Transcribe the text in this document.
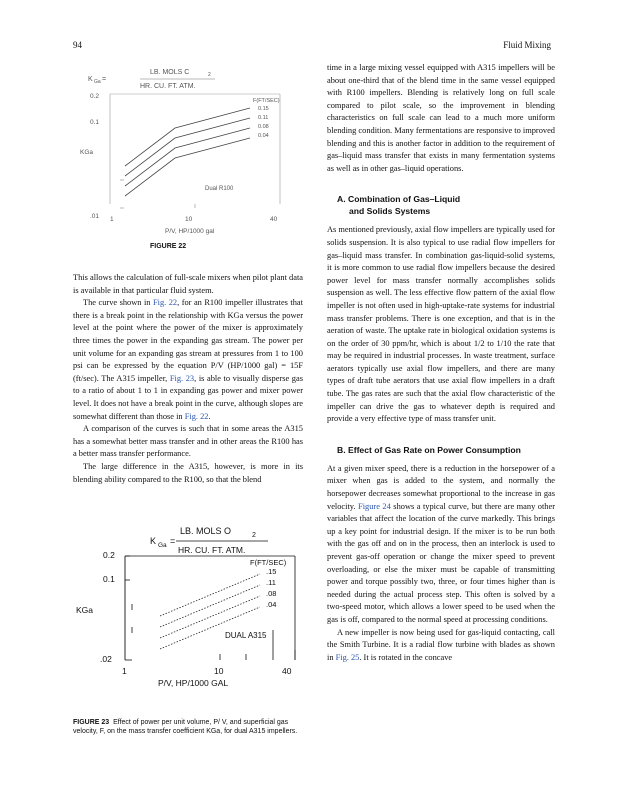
94	Fluid Mixing
K Ga =
LB. MOLS C	2
HR. CU. FT. ATM.
0.2
0.1
.01
KGa
F(FT/SEC)
0.15
0.11
0.08
0.04
Dual R100
1	10	40
P/V, HP/1000 gal
FIGURE 22

This allows the calculation of full-scale mixers when pilot plant data is available in that particular fluid system.

The curve shown in Fig. 22, for an R100 impeller illustrates that there is a break point in the relationship with KGa versus the power level at the point where the power of the mixer is approximately three times the power in the expanding gas stream. The power per unit volume for an expanding gas stream at pressures from 1 to 100 psi can be expressed by the equation P/V (HP/1000 gal) = 15F (ft/sec). The A315 impeller, Fig. 23, is able to visually disperse gas to a ratio of about 1 to 1 in expanding gas power and mixer power level. It does not have a break point in the curve, although slopes are somewhat different than those in Fig. 22.

A comparison of the curves is such that in some areas the A315 has a somewhat better mass transfer and in other areas the R100 has a better mass transfer performance.

The large difference in the A315, however, is more in its blending ability compared to the R100, so that the blend

K Ga =
LB. MOLS O	2
HR. CU. FT. ATM.
0.2
0.1
.02
KGa
F(FT/SEC)
.15
.11
.08
.04
DUAL A315
1	10	40
P/V, HP/1000 GAL
FIGURE 23 Effect of power per unit volume, P/ V, and superficial gas velocity, F, on the mass transfer coefficient KGa, for dual A315 impellers.

time in a large mixing vessel equipped with A315 impellers will be about one-third that of the blend time in the same vessel equipped with R100 impellers. Blending is relatively long on full scale compared to pilot scale, so the improvement in blending characteristics on full scale can lead to a much more uniform blending condition. Many fermentations are responsive to improved blending and this is another factor in addition to the requirement of gas–liquid mass transfer that exists in many fermentation systems as well as in other gas–liquid operations.

A. Combination of Gas–Liquid

and Solids Systems

As mentioned previously, axial flow impellers are typically used for solids suspension. It is also typical to use radial flow impellers for gas–liquid mass transfer. In combination gas-liquid-solid systems, it is more common to use radial flow impellers because the desired power level for mass transfer normally accomplishes solids suspension as well. The less effective flow pattern of the axial flow impeller is not often used in high-uptake-rate systems for industrial mass transfer problems. There is one exception, and that is in the aeration of waste. The uptake rate in biological oxidation systems is on the order of 30 ppm/hr, which is about 1/2 to 1/10 the rate that may be required in industrial processes. In waste treatment, surface aerators typically use axial flow impellers, and there are many types of draft tube aerators that use axial flow impellers in a draft tube. The gas rates are such that the axial flow characteristic of the impeller can drive the gas to whatever depth is required and provide a very effective type of mass transfer unit.

B. Effect of Gas Rate on Power Consumption

At a given mixer speed, there is a reduction in the horsepower of a mixer when gas is added to the system, and normally the horsepower decreases somewhat proportional to the increase in gas velocity. Figure 24 shows a typical curve, but there are many other variables that affect the location of the curve markedly. This brings up a key point for industrial design. If the mixer is to be run both with the gas off and on in the process, then an interlock is used to prevent gas-off operation or change the mixer speed to prevent overloading, or else the mixer must be capable of transmitting power and torque possibly two, three, or four times higher than is needed during the actual process step. This often is solved by a two-speed motor, which allows a lower speed to be used when the gas is off, compared to the normal speed at processing conditions.

A new impeller is now being used for gas-liquid contacting, call the Smith Turbine. It is a radial flow turbine with blades as shown in Fig. 25. It is rotated in the concave
